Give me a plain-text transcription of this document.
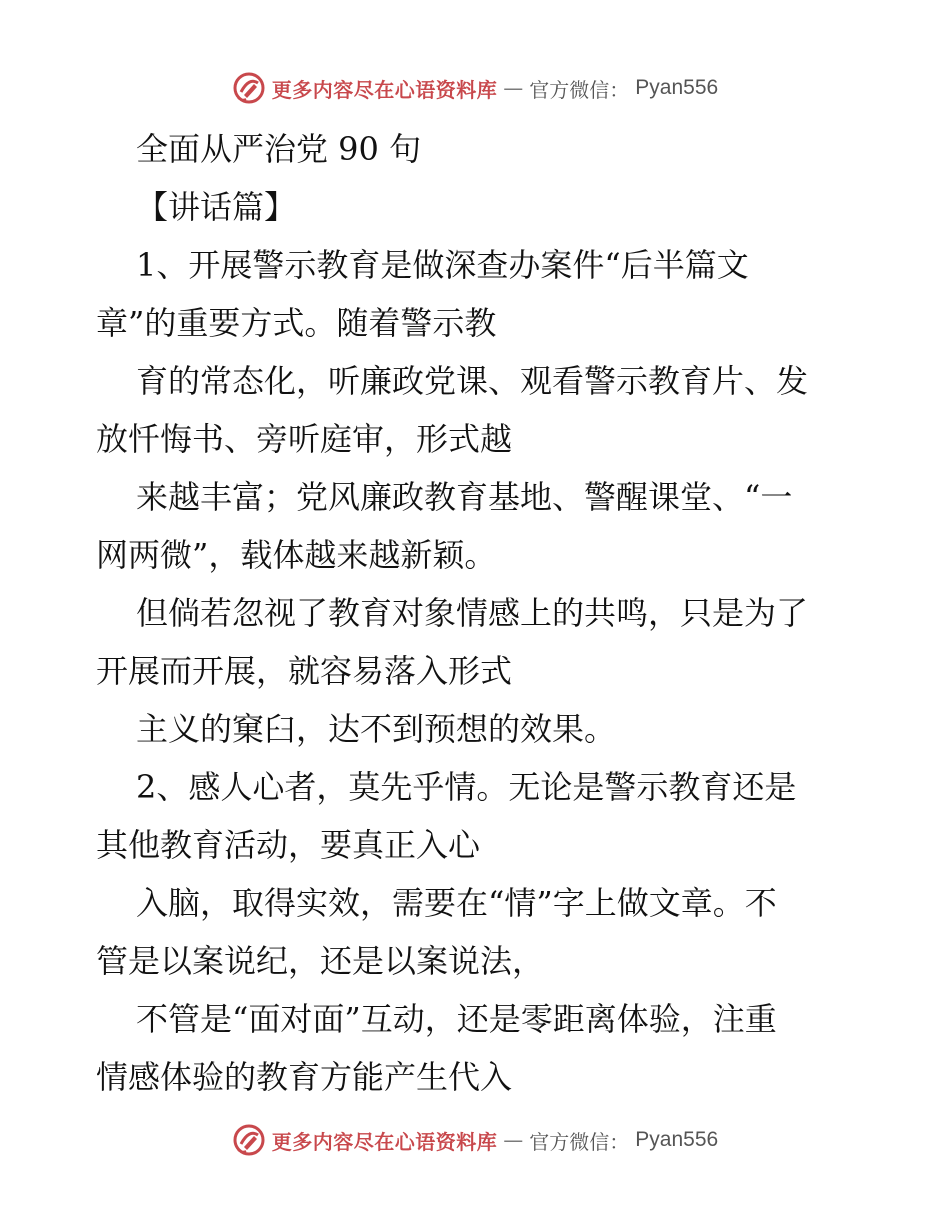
更多内容尽在心语资料库 — 官方微信： Pyan556
全面从严治党 90 句
【讲话篇】
1、开展警示教育是做深查办案件“后半篇文
章”的重要方式。随着警示教
育的常态化，听廉政党课、观看警示教育片、发
放忏悔书、旁听庭审，形式越
来越丰富；党风廉政教育基地、警醒课堂、“一
网两微”，载体越来越新颖。
但倘若忽视了教育对象情感上的共鸣，只是为了
开展而开展，就容易落入形式
主义的窠臼，达不到预想的效果。
2、感人心者，莫先乎情。无论是警示教育还是
其他教育活动，要真正入心
入脑，取得实效，需要在“情”字上做文章。不
管是以案说纪，还是以案说法，
不管是“面对面”互动，还是零距离体验，注重
情感体验的教育方能产生代入
更多内容尽在心语资料库 — 官方微信： Pyan556
